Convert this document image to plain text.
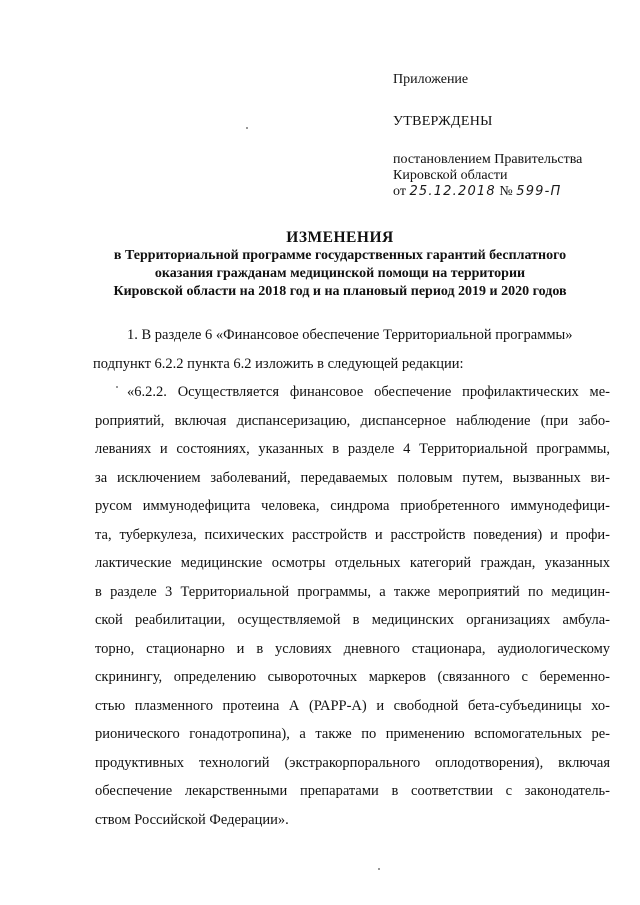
Приложение
УТВЕРЖДЕНЫ
постановлением Правительства
Кировской области
от 25.12.2018 № 599-П
ИЗМЕНЕНИЯ
в Территориальной программе государственных гарантий бесплатного
оказания гражданам медицинской помощи на территории
Кировской области на 2018 год и на плановый период 2019 и 2020 годов
1. В разделе 6 «Финансовое обеспечение Территориальной программы»
подпункт 6.2.2 пункта 6.2 изложить в следующей редакции:
«6.2.2. Осуществляется финансовое обеспечение профилактических ме-
роприятий, включая диспансеризацию, диспансерное наблюдение (при забо-
леваниях и состояниях, указанных в разделе 4 Территориальной программы,
за исключением заболеваний, передаваемых половым путем, вызванных ви-
русом иммунодефицита человека, синдрома приобретенного иммунодефици-
та, туберкулеза, психических расстройств и расстройств поведения) и профи-
лактические медицинские осмотры отдельных категорий граждан, указанных
в разделе 3 Территориальной программы, а также мероприятий по медицин-
ской реабилитации, осуществляемой в медицинских организациях амбула-
торно, стационарно и в условиях дневного стационара, аудиологическому
скринингу, определению сывороточных маркеров (связанного с беременно-
стью плазменного протеина А (РАРР-А) и свободной бета-субъединицы хо-
рионического гонадотропина), а также по применению вспомогательных ре-
продуктивных технологий (экстракорпорального оплодотворения), включая
обеспечение лекарственными препаратами в соответствии с законодатель-
ством Российской Федерации».
